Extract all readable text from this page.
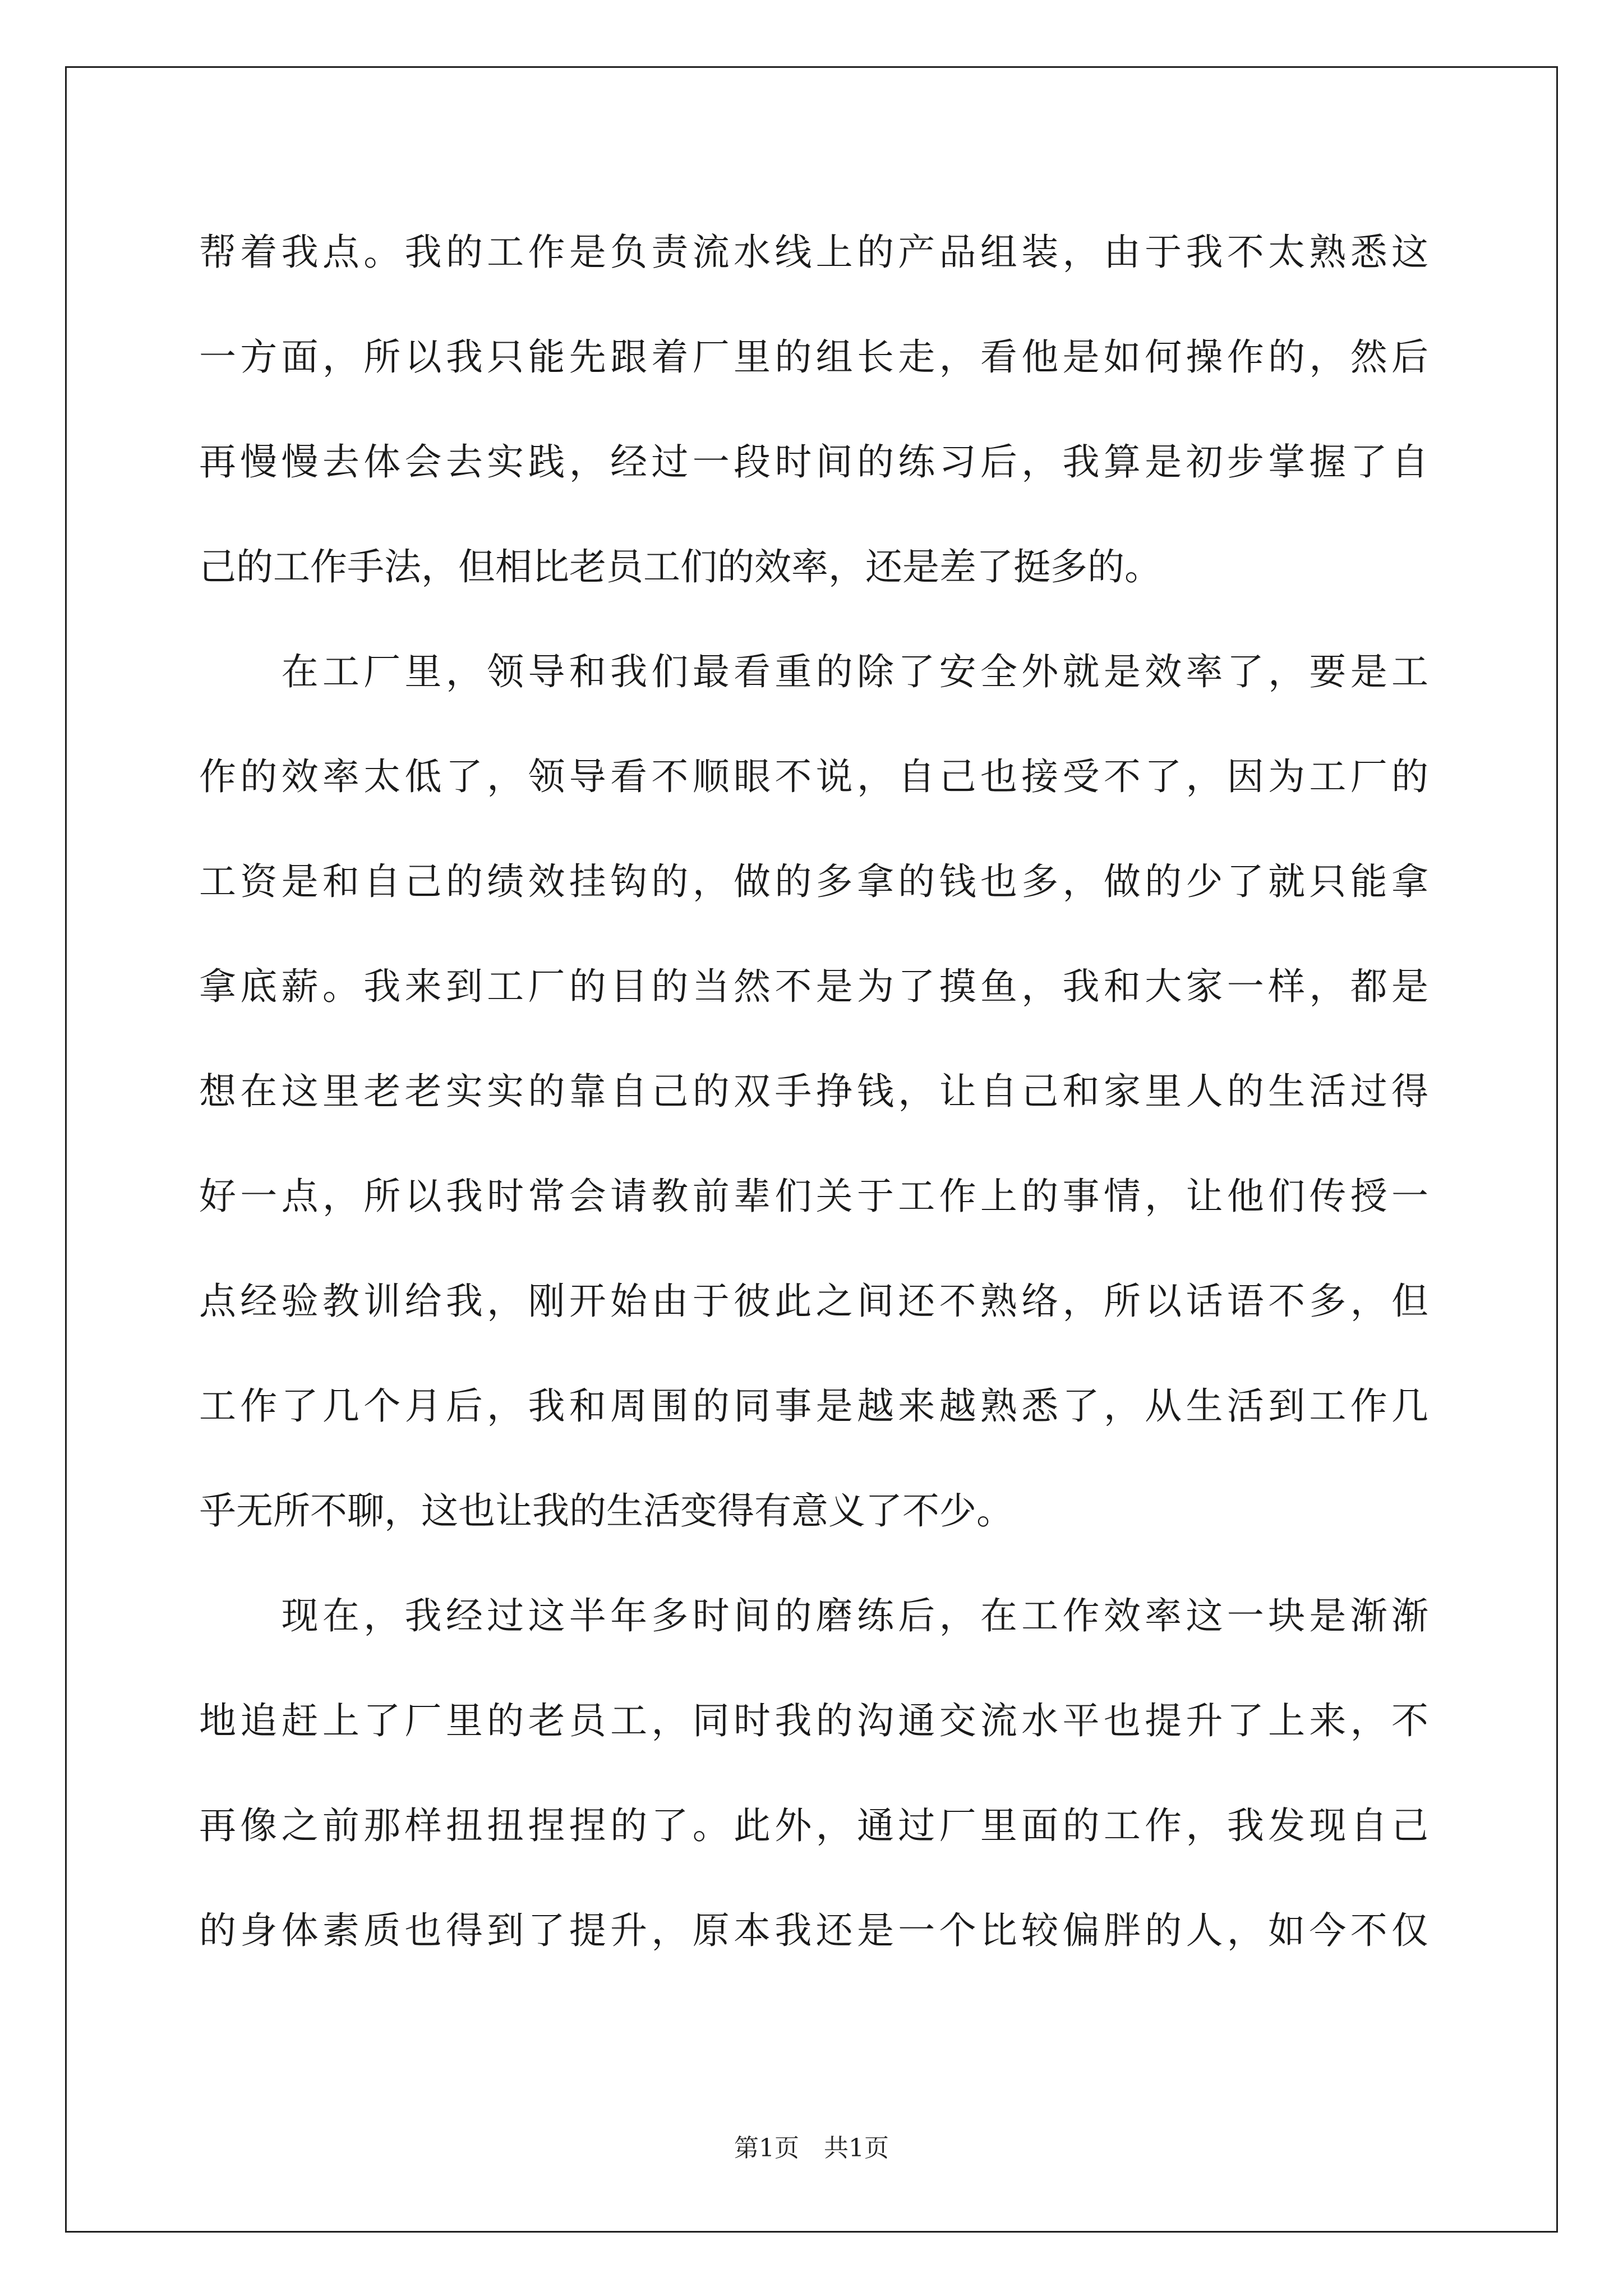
帮着我点。我的工作是负责流水线上的产品组装，由于我不太熟悉这
一方面，所以我只能先跟着厂里的组长走，看他是如何操作的，然后
再慢慢去体会去实践，经过一段时间的练习后，我算是初步掌握了自
己的工作手法，但相比老员工们的效率，还是差了挺多的。
　　在工厂里，领导和我们最看重的除了安全外就是效率了，要是工
作的效率太低了，领导看不顺眼不说，自己也接受不了，因为工厂的
工资是和自己的绩效挂钩的，做的多拿的钱也多，做的少了就只能拿
拿底薪。我来到工厂的目的当然不是为了摸鱼，我和大家一样，都是
想在这里老老实实的靠自己的双手挣钱，让自己和家里人的生活过得
好一点，所以我时常会请教前辈们关于工作上的事情，让他们传授一
点经验教训给我，刚开始由于彼此之间还不熟络，所以话语不多，但
工作了几个月后，我和周围的同事是越来越熟悉了，从生活到工作几
乎无所不聊，这也让我的生活变得有意义了不少。
　　现在，我经过这半年多时间的磨练后，在工作效率这一块是渐渐
地追赶上了厂里的老员工，同时我的沟通交流水平也提升了上来，不
再像之前那样扭扭捏捏的了。此外，通过厂里面的工作，我发现自己
的身体素质也得到了提升，原本我还是一个比较偏胖的人，如今不仅
第1页　共1页
